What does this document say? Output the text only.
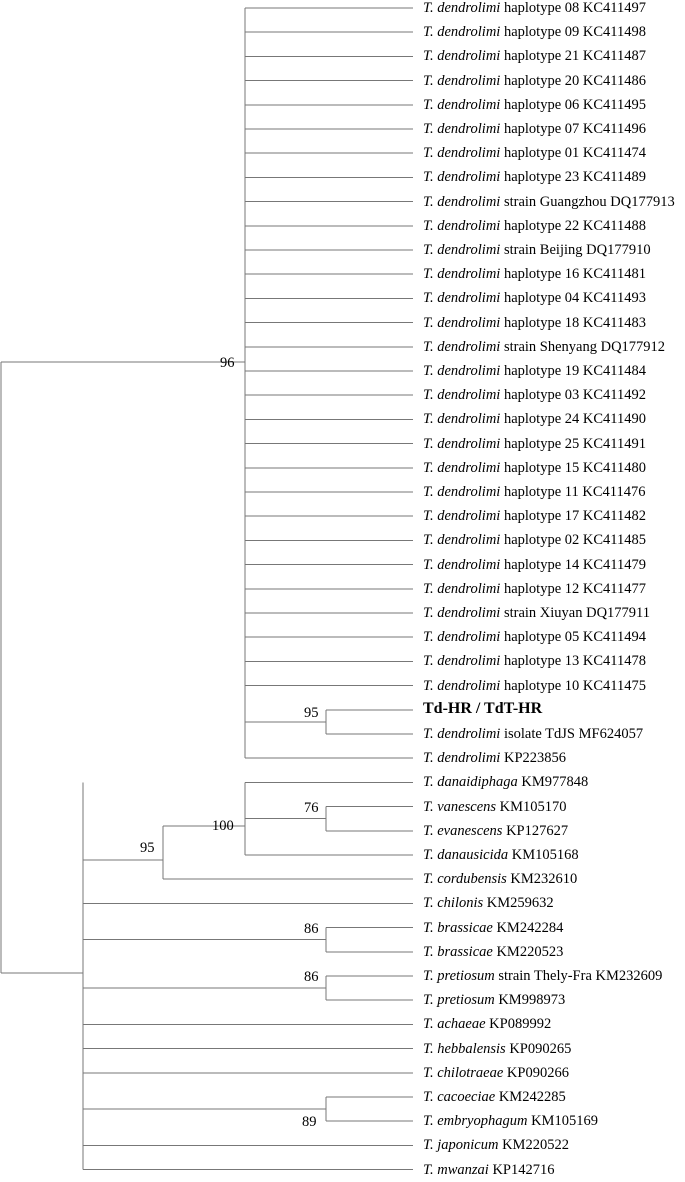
T. dendrolimi haplotype 08 KC411497
T. dendrolimi haplotype 09 KC411498
T. dendrolimi haplotype 21 KC411487
T. dendrolimi haplotype 20 KC411486
T. dendrolimi haplotype 06 KC411495
T. dendrolimi haplotype 07 KC411496
T. dendrolimi haplotype 01 KC411474
T. dendrolimi haplotype 23 KC411489
T. dendrolimi strain Guangzhou DQ177913
T. dendrolimi haplotype 22 KC411488
T. dendrolimi strain Beijing DQ177910
T. dendrolimi haplotype 16 KC411481
T. dendrolimi haplotype 04 KC411493
T. dendrolimi haplotype 18 KC411483
T. dendrolimi strain Shenyang DQ177912
T. dendrolimi haplotype 19 KC411484
T. dendrolimi haplotype 03 KC411492
T. dendrolimi haplotype 24 KC411490
T. dendrolimi haplotype 25 KC411491
T. dendrolimi haplotype 15 KC411480
T. dendrolimi haplotype 11 KC411476
T. dendrolimi haplotype 17 KC411482
T. dendrolimi haplotype 02 KC411485
T. dendrolimi haplotype 14 KC411479
T. dendrolimi haplotype 12 KC411477
T. dendrolimi strain Xiuyan DQ177911
T. dendrolimi haplotype 05 KC411494
T. dendrolimi haplotype 13 KC411478
T. dendrolimi haplotype 10 KC411475
Td-HR / TdT-HR
T. dendrolimi isolate TdJS MF624057
T. dendrolimi KP223856
T. danaidiphaga KM977848
T. vanescens KM105170
T. evanescens KP127627
T. danausicida KM105168
T. cordubensis KM232610
T. chilonis KM259632
T. brassicae KM242284
T. brassicae KM220523
T. pretiosum strain Thely-Fra KM232609
T. pretiosum KM998973
T. achaeae KP089992
T. hebbalensis KP090265
T. chilotraeae KP090266
T. cacoeciae KM242285
T. embryophagum KM105169
T. japonicum KM220522
T. mwanzai KP142716
96
95
76
100
95
86
86
89
